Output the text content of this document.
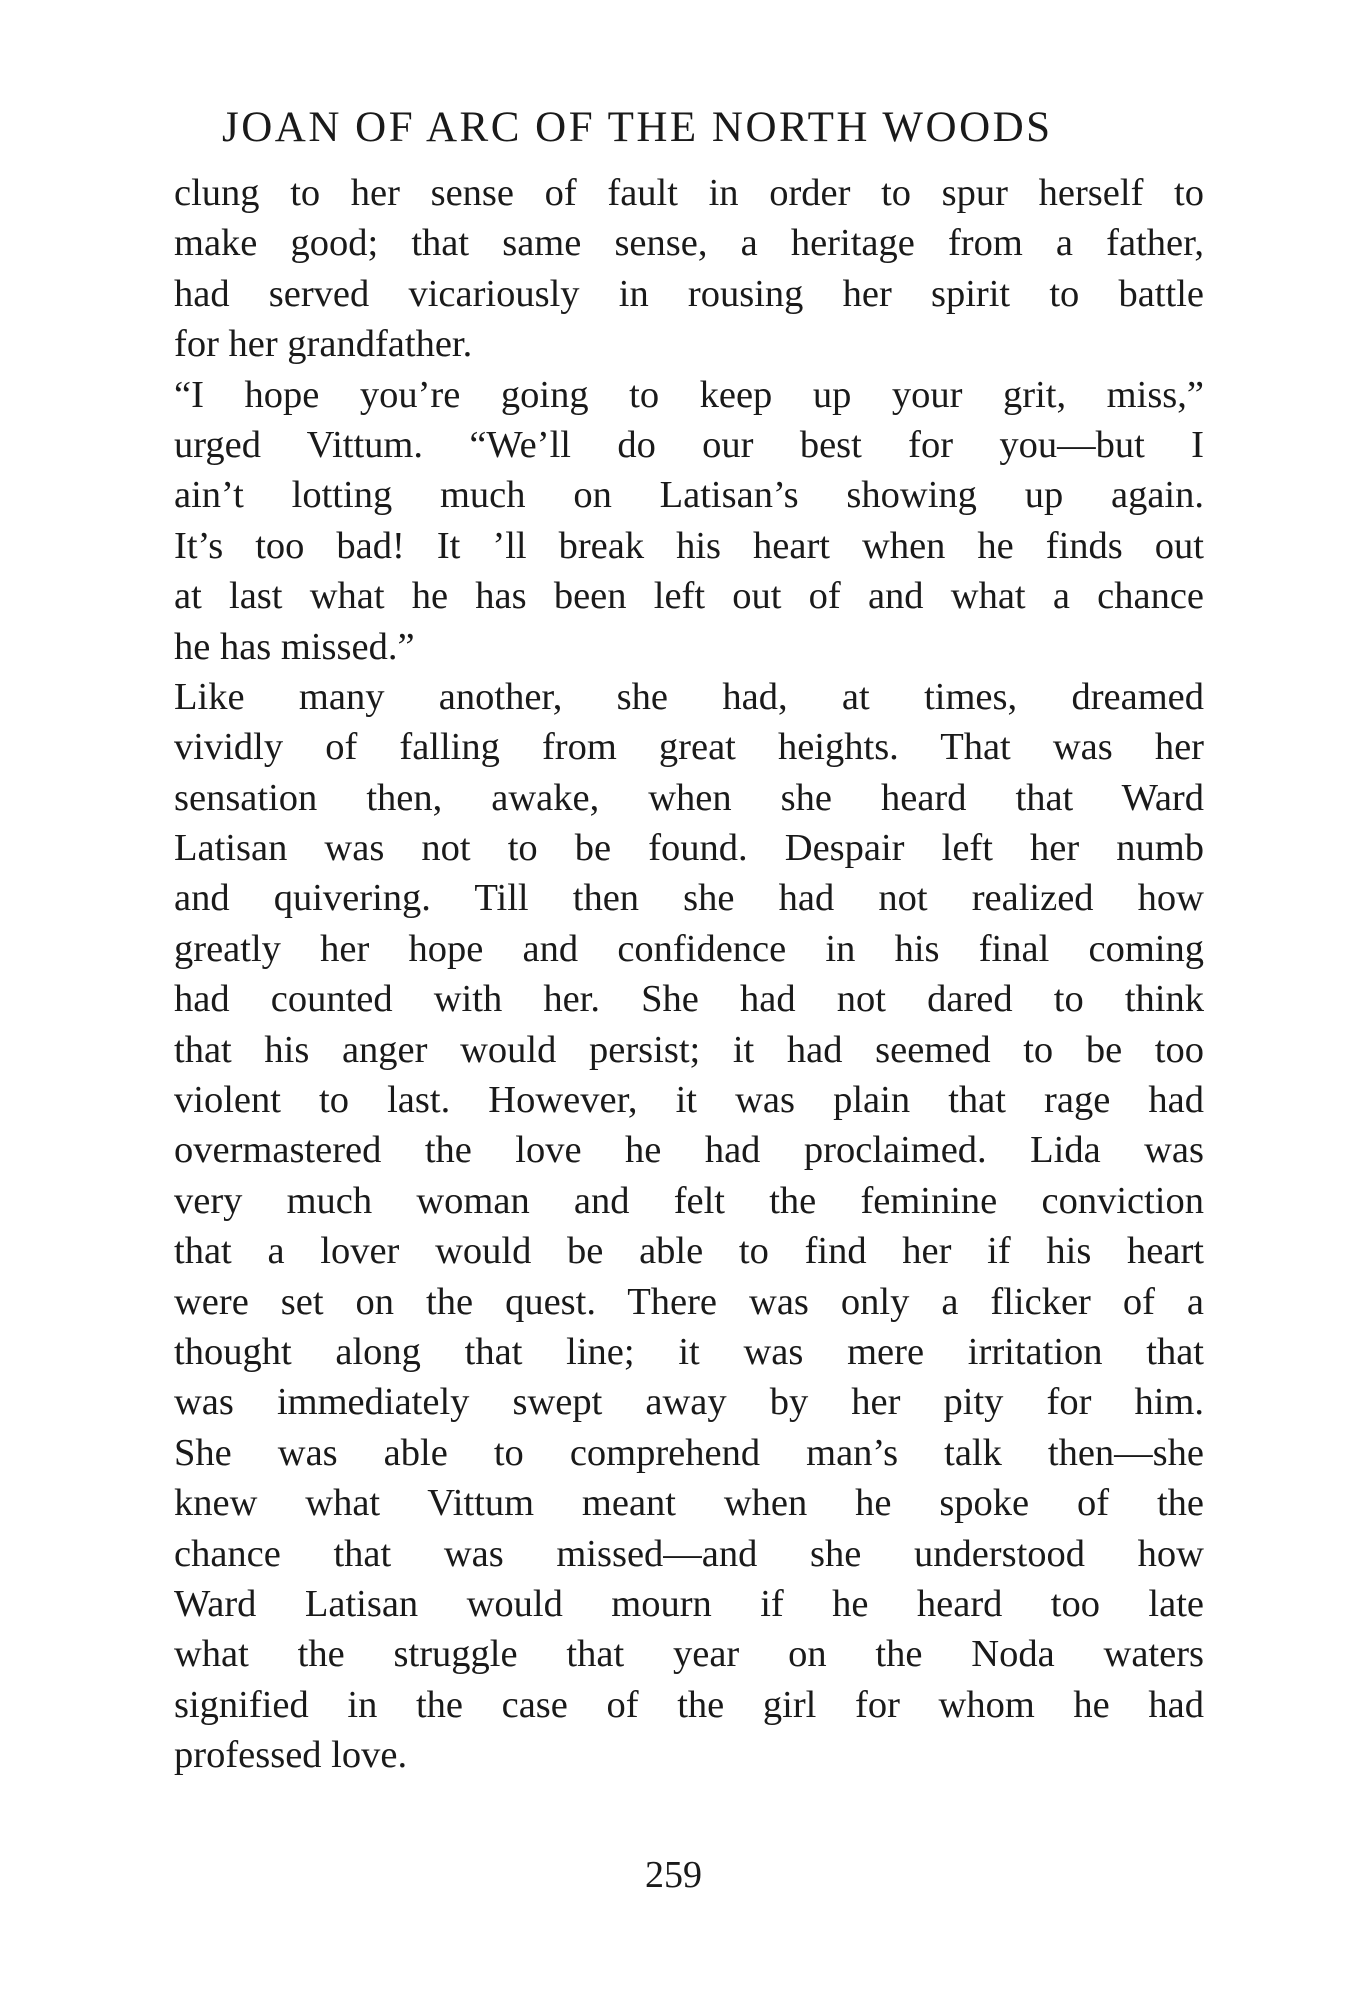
JOAN OF ARC OF THE NORTH WOODS
clung to her sense of fault in order to spur herself to
make good; that same sense, a heritage from a father,
had served vicariously in rousing her spirit to battle
for her grandfather.
“I hope you’re going to keep up your grit, miss,”
urged Vittum. “We’ll do our best for you—but I
ain’t lotting much on Latisan’s showing up again.
It’s too bad! It ’ll break his heart when he finds out
at last what he has been left out of and what a chance
he has missed.”
Like many another, she had, at times, dreamed
vividly of falling from great heights. That was her
sensation then, awake, when she heard that Ward
Latisan was not to be found. Despair left her numb
and quivering. Till then she had not realized how
greatly her hope and confidence in his final coming
had counted with her. She had not dared to think
that his anger would persist; it had seemed to be too
violent to last. However, it was plain that rage had
overmastered the love he had proclaimed. Lida was
very much woman and felt the feminine conviction
that a lover would be able to find her if his heart
were set on the quest. There was only a flicker of a
thought along that line; it was mere irritation that
was immediately swept away by her pity for him.
She was able to comprehend man’s talk then—she
knew what Vittum meant when he spoke of the
chance that was missed—and she understood how
Ward Latisan would mourn if he heard too late
what the struggle that year on the Noda waters
signified in the case of the girl for whom he had
professed love.
259
